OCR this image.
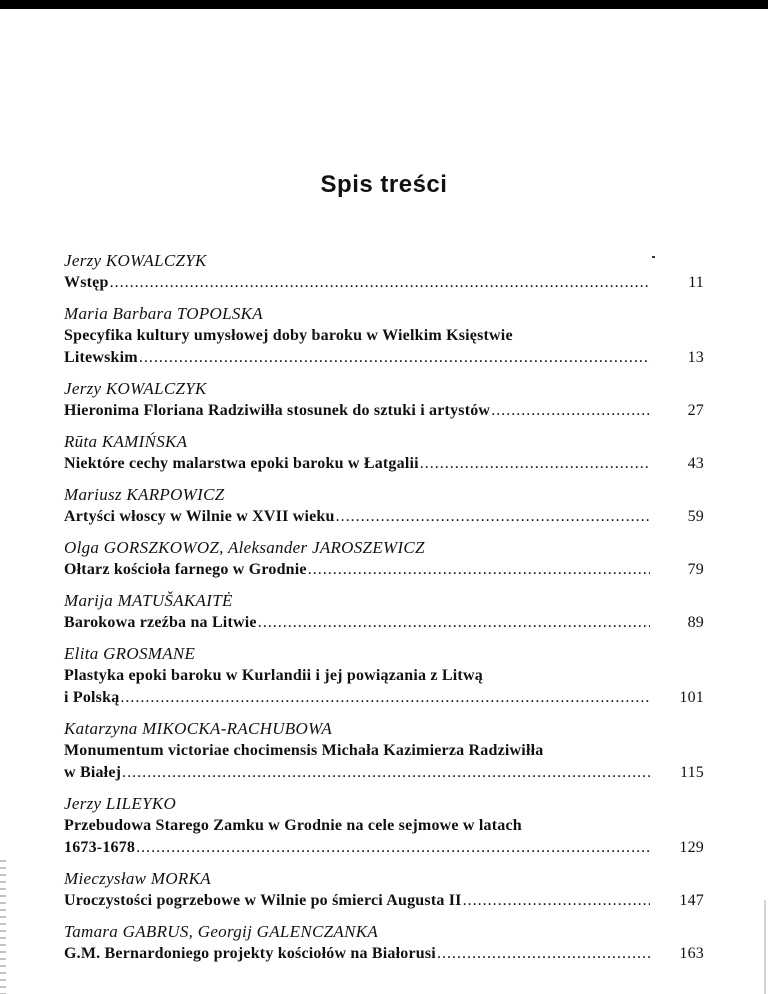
Spis treści
Jerzy KOWALCZYK
Wstęp .....	11
Maria Barbara TOPOLSKA
Specyfika kultury umysłowej doby baroku w Wielkim Księstwie
Litewskim .....	13
Jerzy KOWALCZYK
Hieronima Floriana Radziwiłła stosunek do sztuki i artystów .....	27
Rūta KAMIŃSKA
Niektóre cechy malarstwa epoki baroku w Łatgalii .....	43
Mariusz KARPOWICZ
Artyści włoscy w Wilnie w XVII wieku .....	59
Olga GORSZKOWOZ, Aleksander JAROSZEWICZ
Ołtarz kościoła farnego w Grodnie .....	79
Marija MATUŠAKAITĖ
Barokowa rzeźba na Litwie .....	89
Elita GROSMANE
Plastyka epoki baroku w Kurlandii i jej powiązania z Litwą
i Polską .....	101
Katarzyna MIKOCKA-RACHUBOWA
Monumentum victoriae chocimensis Michała Kazimierza Radziwiłła
w Białej .....	115
Jerzy LILEYKO
Przebudowa Starego Zamku w Grodnie na cele sejmowe w latach
1673-1678 .....	129
Mieczysław MORKA
Uroczystości pogrzebowe w Wilnie po śmierci Augusta II .....	147
Tamara GABRUS, Georgij GALENCZANKA
G.M. Bernardoniego projekty kościołów na Białorusi .....	163
